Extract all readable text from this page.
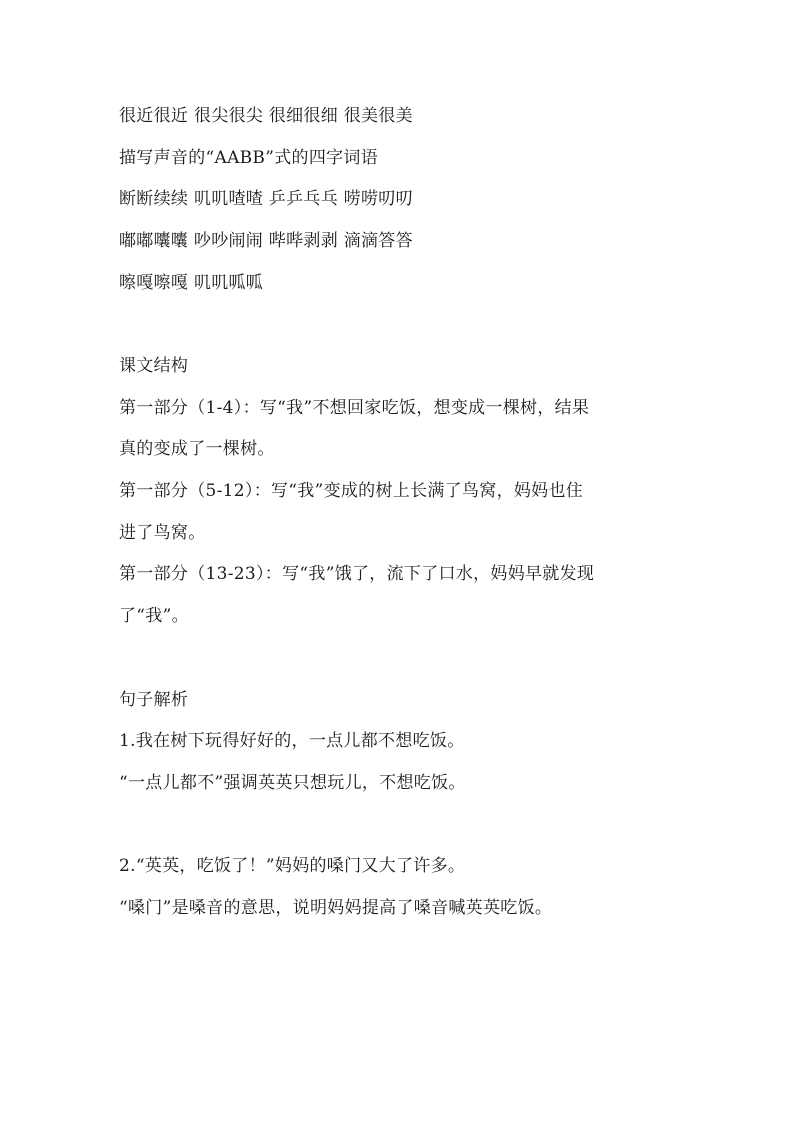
很近很近 很尖很尖 很细很细 很美很美
描写声音的“AABB”式的四字词语
断断续续 叽叽喳喳 乒乒乓乓 唠唠叨叨
嘟嘟囔囔 吵吵闹闹 哔哔剥剥 滴滴答答
嚓嘎嚓嘎 叽叽呱呱
课文结构
第一部分（1-4）：写“我”不想回家吃饭，想变成一棵树，结果
真的变成了一棵树。
第一部分（5-12）：写“我”变成的树上长满了鸟窝，妈妈也住
进了鸟窝。
第一部分（13-23）：写“我”饿了，流下了口水，妈妈早就发现
了“我”。
句子解析
1.我在树下玩得好好的，一点儿都不想吃饭。
“一点儿都不”强调英英只想玩儿，不想吃饭。
2.“英英，吃饭了！”妈妈的嗓门又大了许多。
“嗓门”是嗓音的意思，说明妈妈提高了嗓音喊英英吃饭。
